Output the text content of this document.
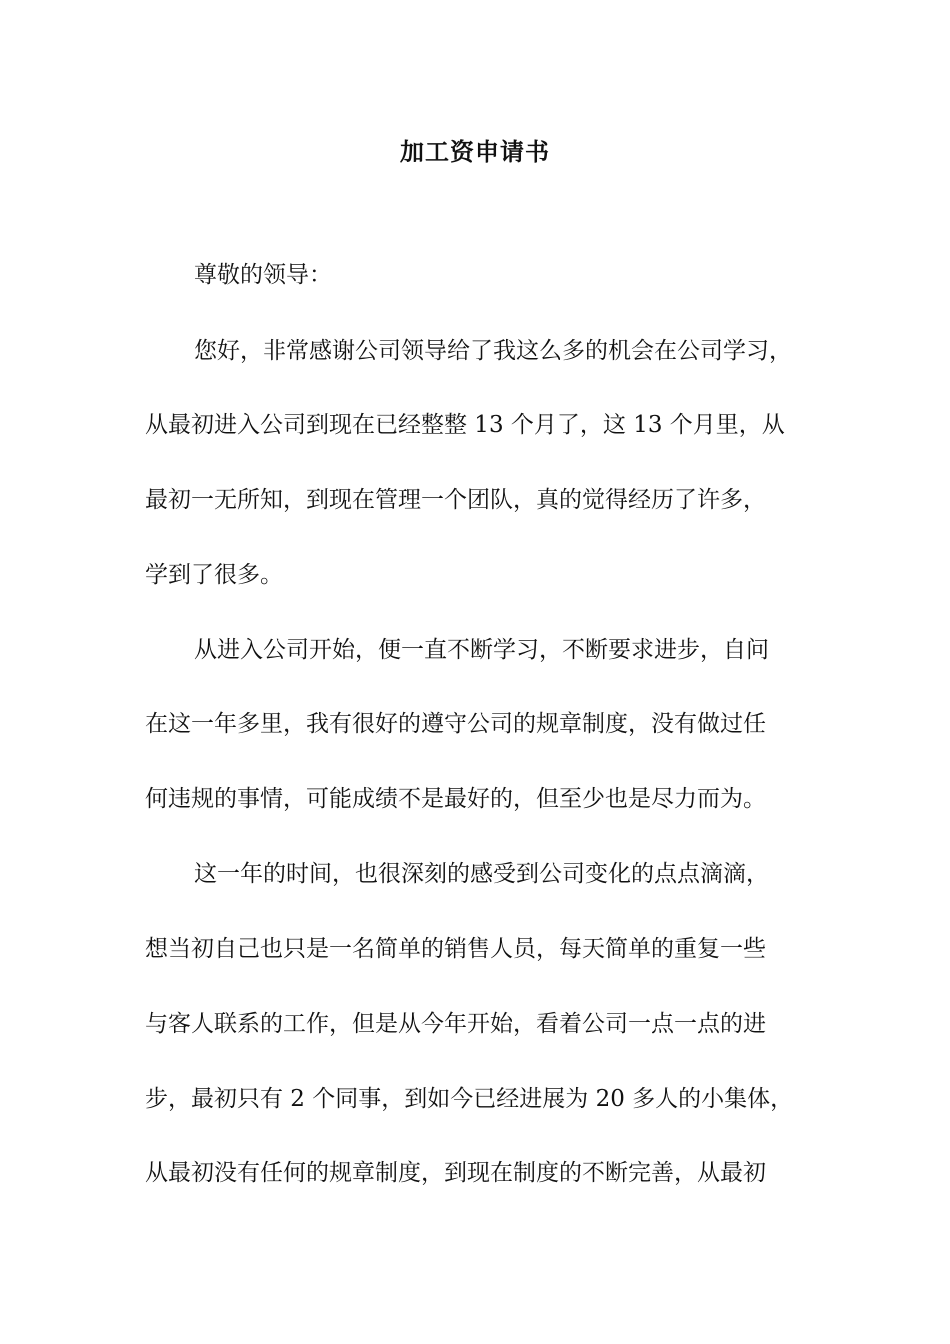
加工资申请书

尊敬的领导：

您好，非常感谢公司领导给了我这么多的机会在公司学习，

从最初进入公司到现在已经整整 13 个月了，这 13 个月里，从

最初一无所知，到现在管理一个团队，真的觉得经历了许多，

学到了很多。

从进入公司开始，便一直不断学习，不断要求进步，自问

在这一年多里，我有很好的遵守公司的规章制度，没有做过任

何违规的事情，可能成绩不是最好的，但至少也是尽力而为。

这一年的时间，也很深刻的感受到公司变化的点点滴滴，

想当初自己也只是一名简单的销售人员，每天简单的重复一些

与客人联系的工作，但是从今年开始，看着公司一点一点的进

步，最初只有 2 个同事，到如今已经进展为 20 多人的小集体，

从最初没有任何的规章制度，到现在制度的不断完善，从最初
